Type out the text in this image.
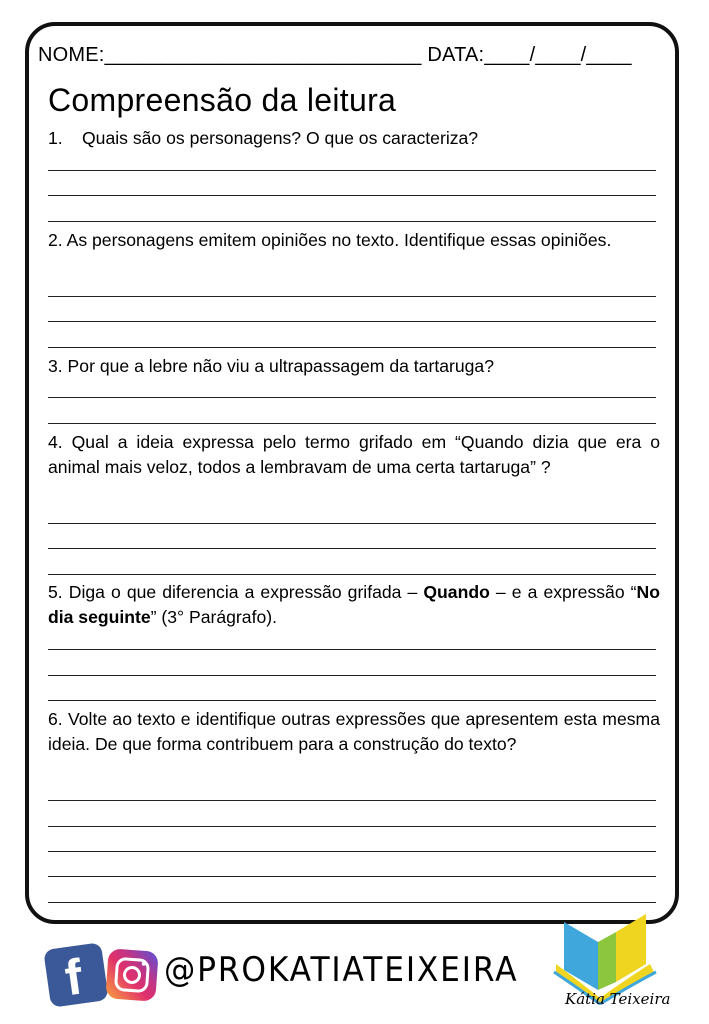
NOME:____________________________ DATA:____/____/____
Compreensão da leitura

1. Quais são os personagens? O que os caracteriza?

2. As personagens emitem opiniões no texto. Identifique essas opiniões.

3. Por que a lebre não viu a ultrapassagem da tartaruga?

4. Qual a ideia expressa pelo termo grifado em “Quando dizia que era o animal mais veloz, todos a lembravam de uma certa tartaruga” ?

5. Diga o que diferencia a expressão grifada – Quando – e a expressão “No dia seguinte” (3° Parágrafo).

6. Volte ao texto e identifique outras expressões que apresentem esta mesma ideia. De que forma contribuem para a construção do texto?

f @PROKATIATEIXEIRA
Kátia Teixeira
